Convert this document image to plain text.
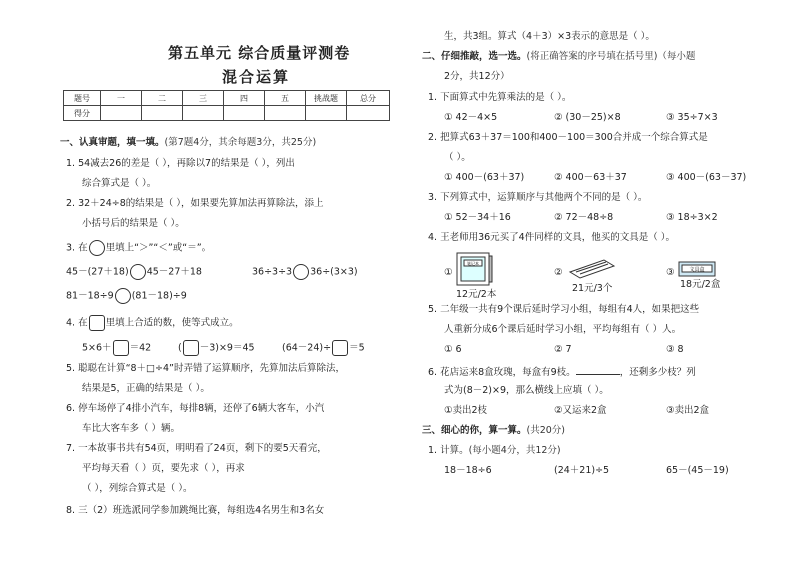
第五单元 综合质量评测卷
混合运算
题号	一	二	三	四	五	挑战题	总分
得分							
一、认真审题，填一填。(第7题4分，其余每题3分，共25分)
1. 54减去26的差是（ ），再除以7的结果是（ ），列出
综合算式是（ ）。
2. 32＋24÷8的结果是（ ），如果要先算加法再算除法，添上
小括号后的结果是（ ）。
3. 在 里填上“＞”“＜”或“＝”。
45－(27＋18) 45－27＋18	36÷3÷3 36÷(3×3)
81－18÷9 (81－18)÷9
4. 在 里填上合适的数，使等式成立。
5×6＋ ＝42	( －3)×9＝45	(64－24)÷ ＝5
5. 聪聪在计算“8＋□÷4”时弄错了运算顺序，先算加法后算除法，
结果是5，正确的结果是（ ）。
6. 停车场停了4排小汽车，每排8辆，还停了6辆大客车，小汽
车比大客车多（ ）辆。
7. 一本故事书共有54页，明明看了24页，剩下的要5天看完，
平均每天看（ ）页，要先求（ ），再求
（ ），列综合算式是（ ）。
8. 三（2）班选派同学参加跳绳比赛，每组选4名男生和3名女
生，共3组。算式（4＋3）×3表示的意思是（ ）。
二、仔细推敲，选一选。(将正确答案的序号填在括号里)（每小题
2分，共12分）
1. 下面算式中先算乘法的是（ ）。
① 42－4×5	② (30－25)×8	③ 35÷7×3
2. 把算式63＋37＝100和400－100＝300合并成一个综合算式是
（ ）。
① 400－(63＋37)	② 400－63＋37	③ 400－(63－37)
3. 下列算式中，运算顺序与其他两个不同的是（ ）。
① 52－34＋16	② 72－48÷8	③ 18÷3×2
4. 王老师用36元买了4件同样的文具，他买的文具是（ ）。
①
笔记本
12元/2本
②
21元/3个
③	文具盒
18元/2盒
5. 二年级一共有9个课后延时学习小组，每组有4人，如果把这些
人重新分成6个课后延时学习小组，平均每组有（ ）人。
① 6	② 7	③ 8
6. 花店运来8盒玫瑰，每盒有9枝。	，还剩多少枝？列
式为(8－2)×9，那么横线上应填（ ）。
①卖出2枝	②又运来2盒	③卖出2盒
三、细心的你，算一算。(共20分)
1. 计算。(每小题4分，共12分)
18－18÷6	(24＋21)÷5	65－(45－19)
